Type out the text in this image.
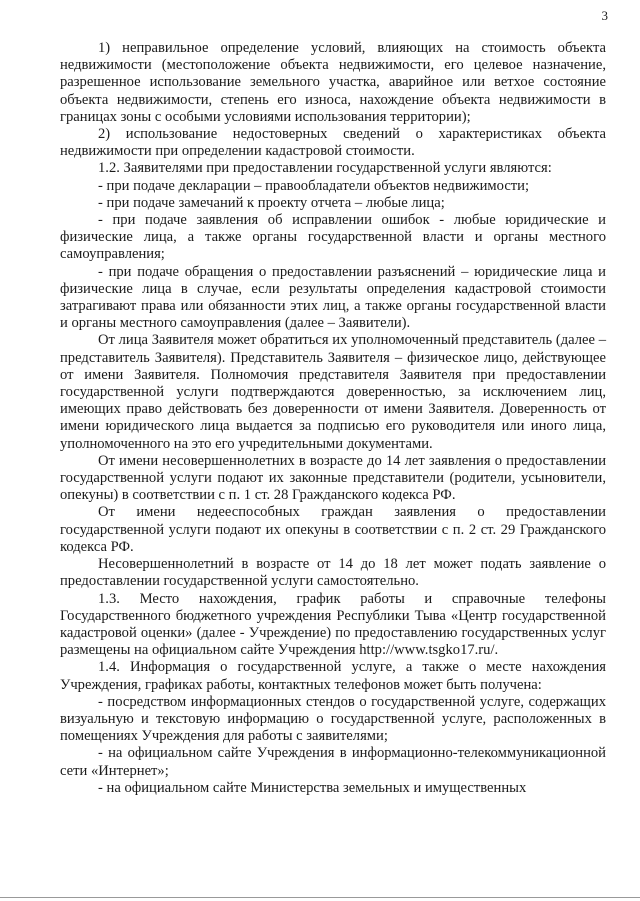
3

1) неправильное определение условий, влияющих на стоимость объекта недвижимости (местоположение объекта недвижимости, его целевое назначение, разрешенное использование земельного участка, аварийное или ветхое состояние объекта недвижимости, степень его износа, нахождение объекта недвижимости в границах зоны с особыми условиями использования территории);

2) использование недостоверных сведений о характеристиках объекта недвижимости при определении кадастровой стоимости.

1.2. Заявителями при предоставлении государственной услуги являются:

- при подаче декларации – правообладатели объектов недвижимости;

- при подаче замечаний к проекту отчета – любые лица;

- при подаче заявления об исправлении ошибок - любые юридические и физические лица, а также органы государственной власти и органы местного самоуправления;

- при подаче обращения о предоставлении разъяснений – юридические лица и физические лица в случае, если результаты определения кадастровой стоимости затрагивают права или обязанности этих лиц, а также органы государственной власти и органы местного самоуправления (далее – Заявители).

От лица Заявителя может обратиться их уполномоченный представитель (далее – представитель Заявителя). Представитель Заявителя – физическое лицо, действующее от имени Заявителя. Полномочия представителя Заявителя при предоставлении государственной услуги подтверждаются доверенностью, за исключением лиц, имеющих право действовать без доверенности от имени Заявителя. Доверенность от имени юридического лица выдается за подписью его руководителя или иного лица, уполномоченного на это его учредительными документами.

От имени несовершеннолетних в возрасте до 14 лет заявления о предоставлении государственной услуги подают их законные представители (родители, усыновители, опекуны) в соответствии с п. 1 ст. 28 Гражданского кодекса РФ.

От имени недееспособных граждан заявления о предоставлении государственной услуги подают их опекуны в соответствии с п. 2 ст. 29 Гражданского кодекса РФ.

Несовершеннолетний в возрасте от 14 до 18 лет может подать заявление о предоставлении государственной услуги самостоятельно.

1.3. Место нахождения, график работы и справочные телефоны Государственного бюджетного учреждения Республики Тыва «Центр государственной кадастровой оценки» (далее - Учреждение) по предоставлению государственных услуг размещены на официальном сайте Учреждения http://www.tsgko17.ru/.

1.4. Информация о государственной услуге, а также о месте нахождения Учреждения, графиках работы, контактных телефонов может быть получена:

- посредством информационных стендов о государственной услуге, содержащих визуальную и текстовую информацию о государственной услуге, расположенных в помещениях Учреждения для работы с заявителями;

- на официальном сайте Учреждения в информационно-телекоммуникационной сети «Интернет»;

- на официальном сайте Министерства земельных и имущественных
